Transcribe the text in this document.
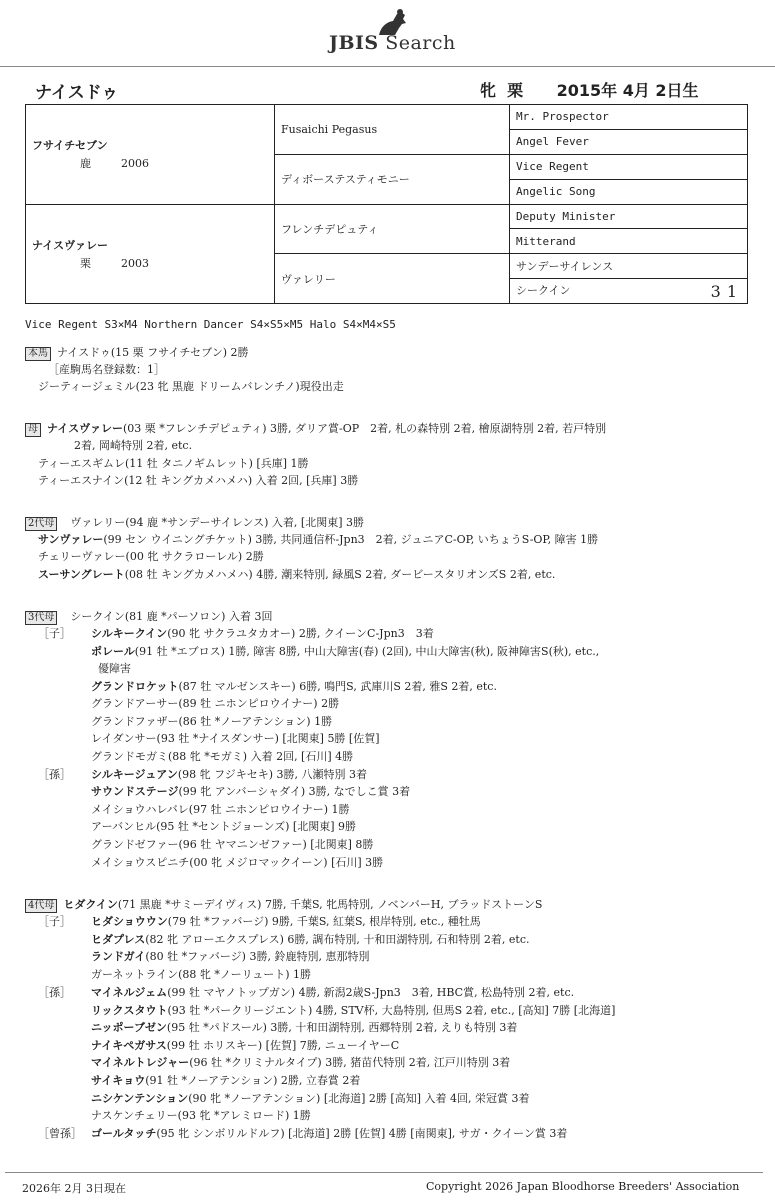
JBIS Search
ナイスドゥ	牝 栗 2015年 4月 2日生
フサイチセブン
鹿 2006	Fusaichi Pegasus	Mr. Prospector
		Angel Fever
	ディボーステスティモニー	Vice Regent
		Angelic Song

ナイスヴァレー
栗 2003	フレンチデピュティ	Deputy Minister
		Mitterand
	ヴァレリー	サンデーサイレンス
		シークイン 31
Vice Regent S3×M4 Northern Dancer S4×S5×M5 Halo S4×M4×S5
本馬 ナイスドゥ(15 栗 フサイチセブン) 2勝
［産駒馬名登録数：1］
ジーティージェミル(23 牝 黒鹿 ドリームバレンチノ)現役出走
母 ナイスヴァレー(03 栗 *フレンチデピュティ) 3勝, ダリア賞-OP　2着, 札の森特別 2着, 檜原湖特別 2着, 若戸特別
2着, 岡崎特別 2着, etc.
ティーエスギムレ(11 牡 タニノギムレット) [兵庫] 1勝
ティーエスナイン(12 牡 キングカメハメハ) 入着 2回, [兵庫] 3勝
2代母 ヴァレリー(94 鹿 *サンデーサイレンス) 入着, [北関東] 3勝
サンヴァレー(99 セン ウイニングチケット) 3勝, 共同通信杯-Jpn3　2着, ジュニアC-OP, いちょうS-OP, 障害 1勝
チェリーヴァレー(00 牝 サクラローレル) 2勝
スーサングレート(08 牡 キングカメハメハ) 4勝, 潮来特別, 緑風S 2着, ダービースタリオンズS 2着, etc.
3代母 シークイン(81 鹿 *パーソロン) 入着 3回
［子］ シルキークイン(90 牝 サクラユタカオー) 2勝, クイーンC-Jpn3　3着
ポレール(91 牡 *エブロス) 1勝, 障害 8勝, 中山大障害(春) (2回), 中山大障害(秋), 阪神障害S(秋), etc.,
優障害
グランドロケット(87 牡 マルゼンスキー) 6勝, 鳴門S, 武庫川S 2着, 雅S 2着, etc.
グランドアーサー(89 牡 ニホンピロウイナー) 2勝
グランドファザー(86 牡 *ノーアテンション) 1勝
レイダンサー(93 牡 *ナイスダンサー) [北関東] 5勝 [佐賀]
グランドモガミ(88 牝 *モガミ) 入着 2回, [石川] 4勝
［孫］ シルキージュアン(98 牝 フジキセキ) 3勝, 八瀬特別 3着
サウンドステージ(99 牝 アンバーシャダイ) 3勝, なでしこ賞 3着
メイショウハレバレ(97 牡 ニホンピロウイナー) 1勝
アーバンヒル(95 牡 *セントジョーンズ) [北関東] 9勝
グランドゼファー(96 牡 ヤマニンゼファー) [北関東] 8勝
メイショウスピニチ(00 牝 メジロマックイーン) [石川] 3勝
4代母 ヒダクイン(71 黒鹿 *サミーデイヴィス) 7勝, 千葉S, 牝馬特別, ノベンバーH, ブラッドストーンS
［子］ ヒダショウウン(79 牡 *ファバージ) 9勝, 千葉S, 紅葉S, 根岸特別, etc., 種牡馬
ヒダプレス(82 牝 アローエクスプレス) 6勝, 調布特別, 十和田湖特別, 石和特別 2着, etc.
ランドガイ(80 牡 *ファバージ) 3勝, 鈴鹿特別, 恵那特別
ガーネットライン(88 牝 *ノーリュート) 1勝
［孫］ マイネルジェム(99 牡 マヤノトップガン) 4勝, 新潟2歳S-Jpn3　3着, HBC賞, 松島特別 2着, etc.
リックスタウト(93 牡 *パークリージエント) 4勝, STV杯, 大島特別, 但馬S 2着, etc., [高知] 7勝 [北海道]
ニッポーブゼン(95 牡 *パドスール) 3勝, 十和田湖特別, 西郷特別 2着, えりも特別 3着
ナイキペガサス(99 牡 ホリスキー) [佐賀] 7勝, ニューイヤーC
マイネルトレジャー(96 牡 *クリミナルタイプ) 3勝, 猪苗代特別 2着, 江戸川特別 3着
サイキョウ(91 牡 *ノーアテンション) 2勝, 立春賞 2着
ニシケンテンション(90 牝 *ノーアテンション) [北海道] 2勝 [高知] 入着 4回, 栄冠賞 3着
ナスケンチェリー(93 牝 *アレミロード) 1勝
［曾孫］ ゴールタッチ(95 牝 シンボリルドルフ) [北海道] 2勝 [佐賀] 4勝 [南関東], サガ・クイーン賞 3着
2026年 2月 3日現在	Copyright 2026 Japan Bloodhorse Breeders' Association
